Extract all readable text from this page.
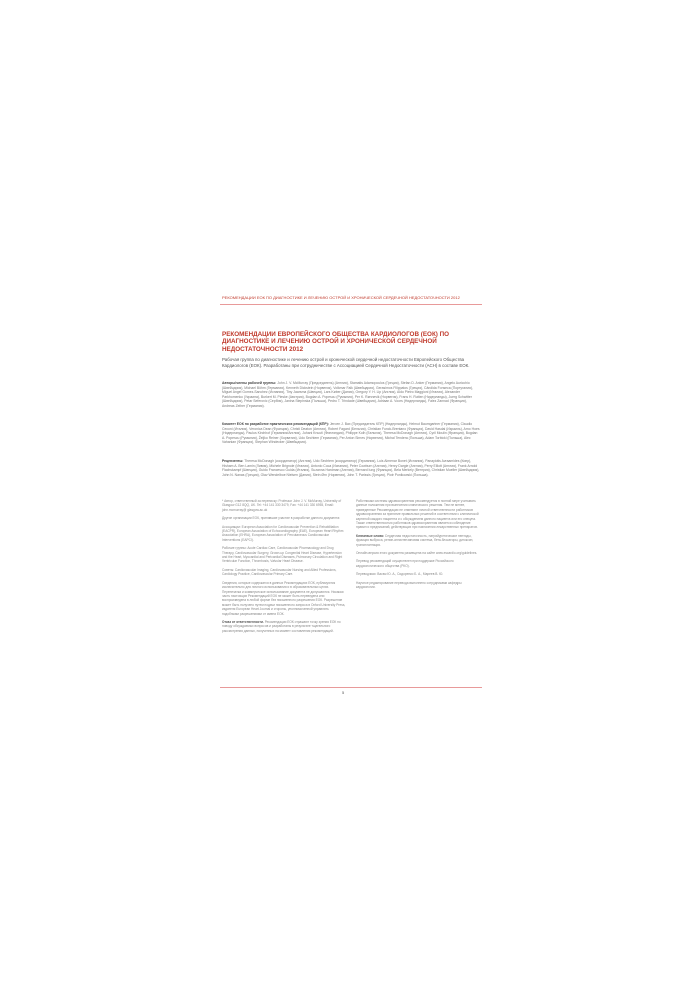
РЕКОМЕНДАЦИИ ЕОК ПО ДИАГНОСТИКЕ И ЛЕЧЕНИЮ ОСТРОЙ И ХРОНИЧЕСКОЙ СЕРДЕЧНОЙ НЕДОСТАТОЧНОСТИ 2012
РЕКОМЕНДАЦИИ ЕВРОПЕЙСКОГО ОБЩЕСТВА КАРДИОЛОГОВ (ЕОК) ПО ДИАГНОСТИКЕ И ЛЕЧЕНИЮ ОСТРОЙ И ХРОНИЧЕСКОЙ СЕРДЕЧНОЙ НЕДОСТАТОЧНОСТИ 2012
Рабочая группа по диагностике и лечению острой и хронической сердечной недостаточности Европейского Общества Кардиологов (ЕОК). Разработаны при сотрудничестве с Ассоциацией Сердечной Недостаточности (АСН) в составе ЕОК.
Авторы/члены рабочей группы: John J. V. McMurray (Председатель) (Англия), Stamatis Adamopoulos (Греция), Stefan D. Anker (Германия), Angelo Auricchio (Швейцария), Michael Böhm (Германия), Kenneth Dickstein (Норвегия), Volkmar Falk (Швейцария), Gerasimos Filippatos (Греция), Cândida Fonseca (Португалия), Miguel Angel Gomez-Sanchez (Испания), Tiny Jaarsma (Швеция), Lars Køber (Дания), Gregory Y. H. Lip (Англия), Aldo Pietro Maggioni (Италия), Alexander Parkhomenko (Украина), Burkert M. Pieske (Австрия), Bogdan A. Popescu (Румыния), Per K. Rønnevik (Норвегия), Frans H. Rutten (Нидерланды), Juerg Schwitter (Швейцария), Petar Seferovic (Сербия), Janina Stepinska (Польша), Pedro T. Trindade (Швейцария), Adriaan A. Voors (Нидерланды), Faiez Zannad (Франция), Andreas Zeiher (Германия).
Комитет ЕОК по разработке практических рекомендаций (КПР): Jeroen J. Bax (Председатель КПР) (Нидерланды), Helmut Baumgartner (Германия), Claudio Ceconi (Италия), Veronica Dean (Франция), Christi Deaton (Англия), Robert Fagard (Бельгия), Christian Funck-Brentano (Франция), David Hasdai (Израиль), Arno Hoes (Нидерланды), Paulus Kirchhof (Германия/Англия), Juhani Knuuti (Финляндия), Philippe Kolh (Бельгия), Theresa McDonagh (Англия), Cyril Moulin (Франция), Bogdan A. Popescu (Румыния), Željko Reiner (Хорватия), Udo Sechtem (Германия), Per Anton Sirnes (Норвегия), Michal Tendera (Польша), Adam Torbicki (Польша), Alec Vahanian (Франция), Stephan Windecker (Швейцария).
Рецензенты: Theresa McDonagh (координатор) (Англия), Udo Sechtem (координатор) (Германия), Luis Almenar Bonet (Испания), Panayiotis Avraamides (Кипр), Hisham A. Ben Lamin (Ливия), Michele Brignole (Италия), Antonio Coca (Испания), Peter Cowburn (Англия), Henry Dargie (Англия), Perry Elliott (Англия), Frank Arnold Flachskampf (Швеция), Guido Francesco Guida (Италия), Suzanna Hardman (Англия), Bernard Iung (Франция), Bela Merkely (Венгрия), Christian Mueller (Швейцария), John N. Nanas (Греция), Olav Wendelboe Nielsen (Дания), Stein Ørn (Норвегия), John T. Parissis (Греция), Piotr Ponikowski (Польша).

* Автор, ответственный за переписку: Professor John J. V. McMurray, University of Glasgow G12 8QQ, UK. Tel: +44 141 330 3479, Fax: +44 141 330 6955, Email: john.mcmurray@ glasgow.ac.uk

Другие организации ЕОК, принявшие участие в разработке данного документа:

Ассоциации: European Association for Cardiovascular Prevention & Rehabilitation (EACPR), European Association of Echocardiography (EAE), European Heart Rhythm Association (EHRA), European Association of Percutaneous Cardiovascular Interventions (EAPCI).

Рабочие группы: Acute Cardiac Care, Cardiovascular Pharmacology and Drug Therapy, Cardiovascular Surgery, Grown-up Congenital Heart Disease, Hypertension and the Heart, Myocardial and Pericardial Diseases, Pulmonary Circulation and Right Ventricular Function, Thrombosis, Valvular Heart Disease.

Советы: Cardiovascular Imaging, Cardiovascular Nursing and Allied Professions, Cardiology Practice, Cardiovascular Primary Care.

Сведения, которые содержатся в данных Рекомендациях ЕОК, публикуются исключительно для личного использования и в образовательных целях. Перепечатка и коммерческое использование документа не допускаются. Никакая часть настоящих Рекомендаций ЕОК не может быть переведена или воспроизведена в любой форме без письменного разрешения ЕОК. Разрешение может быть получено путем подачи письменного запроса в Oxford University Press, издателя European Heart Journal и стороны, уполномоченной управлять подобными разрешениями от имени ЕОК.

Отказ от ответственности. Рекомендации ЕОК отражают точку зрения ЕОК по поводу обсуждаемых вопросов и разработаны в результате тщательного рассмотрения данных, полученных на момент составления рекомендаций.

Работникам системы здравоохранения рекомендуется в полной мере учитывать данные положения при вынесении клинического решения. Тем не менее, приведенные Рекомендации не отменяют личной ответственности работников здравоохранения за принятие правильных решений в соответствии с клинической картиной каждого пациента и с обсуждением данного пациента или его опекуна. Также ответственностью работников здравоохранения является соблюдение правил и предписаний, действующих при назначении лекарственных препаратов.

Ключевые слова: Сердечная недостаточность, натрийуретические пептиды, фракция выброса, ренин-ангиотензиновая система, бета-блокаторы, дигоксин, трансплантация.

Онлайн-версия этого документа размещена на сайте www.escardio.org/guidelines.

Перевод рекомендаций осуществлен при поддержке Российского кардиологического общества (РКО).

Переводчики: Васюк Ю. А., Сидоренко Б. А., Мареев В. Ю.

Научное редактирование перевода выполнено сотрудниками кафедры кардиологии.

5
